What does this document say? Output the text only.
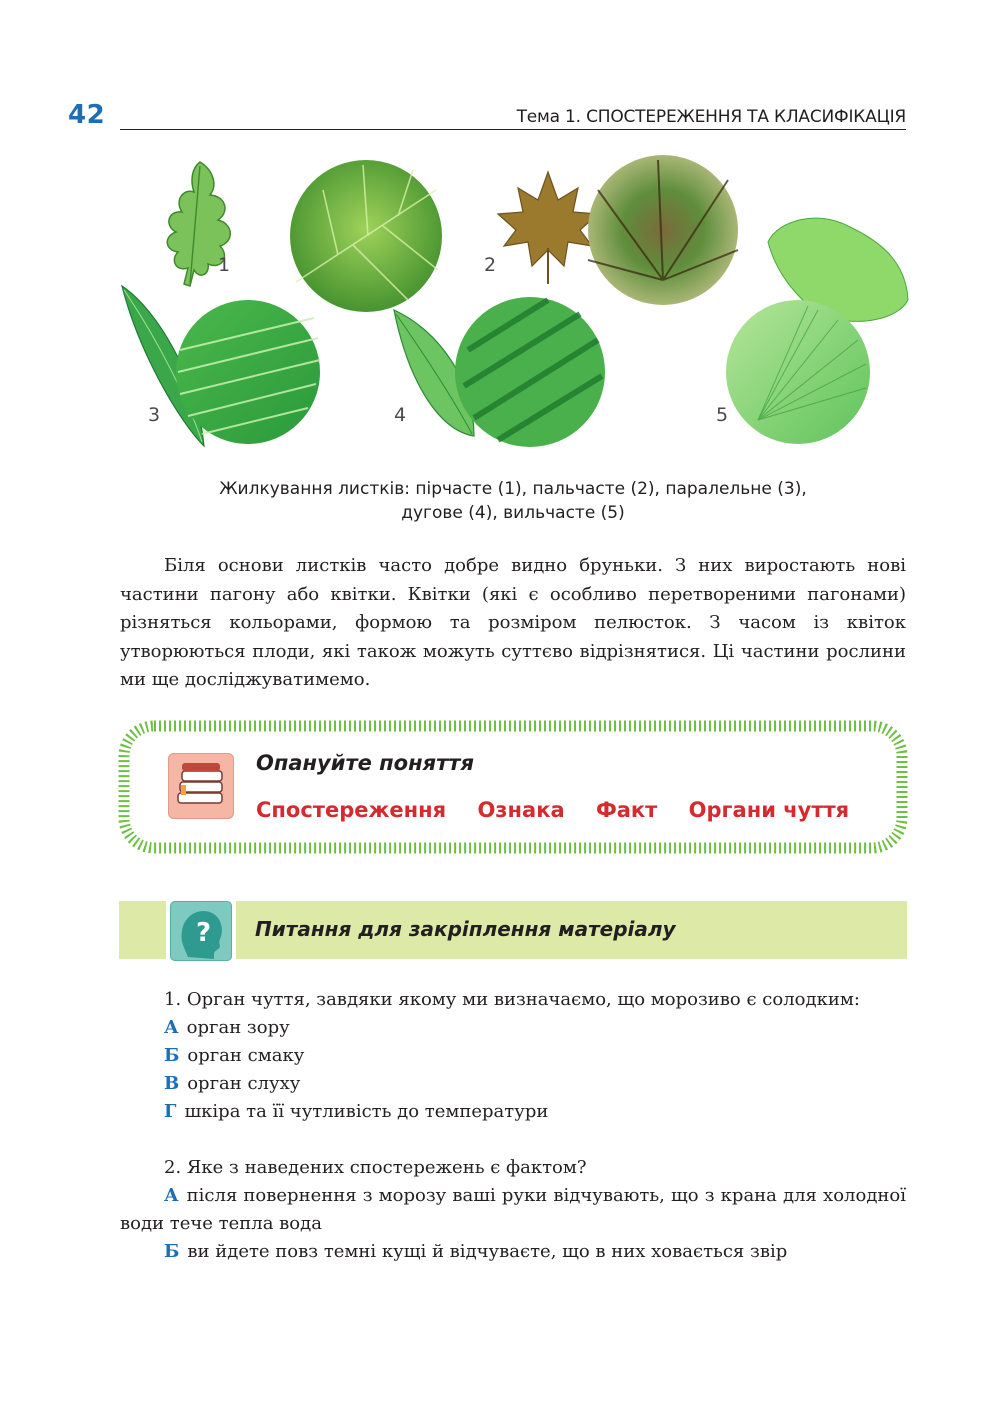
42	Тема 1. СПОСТЕРЕЖЕННЯ ТА КЛАСИФІКАЦІЯ
1	2
3	4	5
Жилкування листків: пірчасте (1), пальчасте (2), паралельне (3),
дугове (4), вильчасте (5)

Біля основи листків часто добре видно бруньки. З них виростають нові частини пагону або квітки. Квітки (які є особливо перетвореними пагонами) різняться кольорами, формою та розміром пелюсток. З часом із квіток утворюються плоди, які також можуть суттєво відрізнятися. Ці частини рослини ми ще досліджуватимемо.

Опануйте поняття
Спостереження Ознака Факт Органи чуття
? Питання для закріплення матеріалу

1. Орган чуття, завдяки якому ми визначаємо, що морозиво є солодким:

А орган зору

Б орган смаку

В орган слуху

Г шкіра та її чутливість до температури

2. Яке з наведених спостережень є фактом?

А після повернення з морозу ваші руки відчувають, що з крана для холодної води тече тепла вода

Б ви йдете повз темні кущі й відчуваєте, що в них ховається звір
